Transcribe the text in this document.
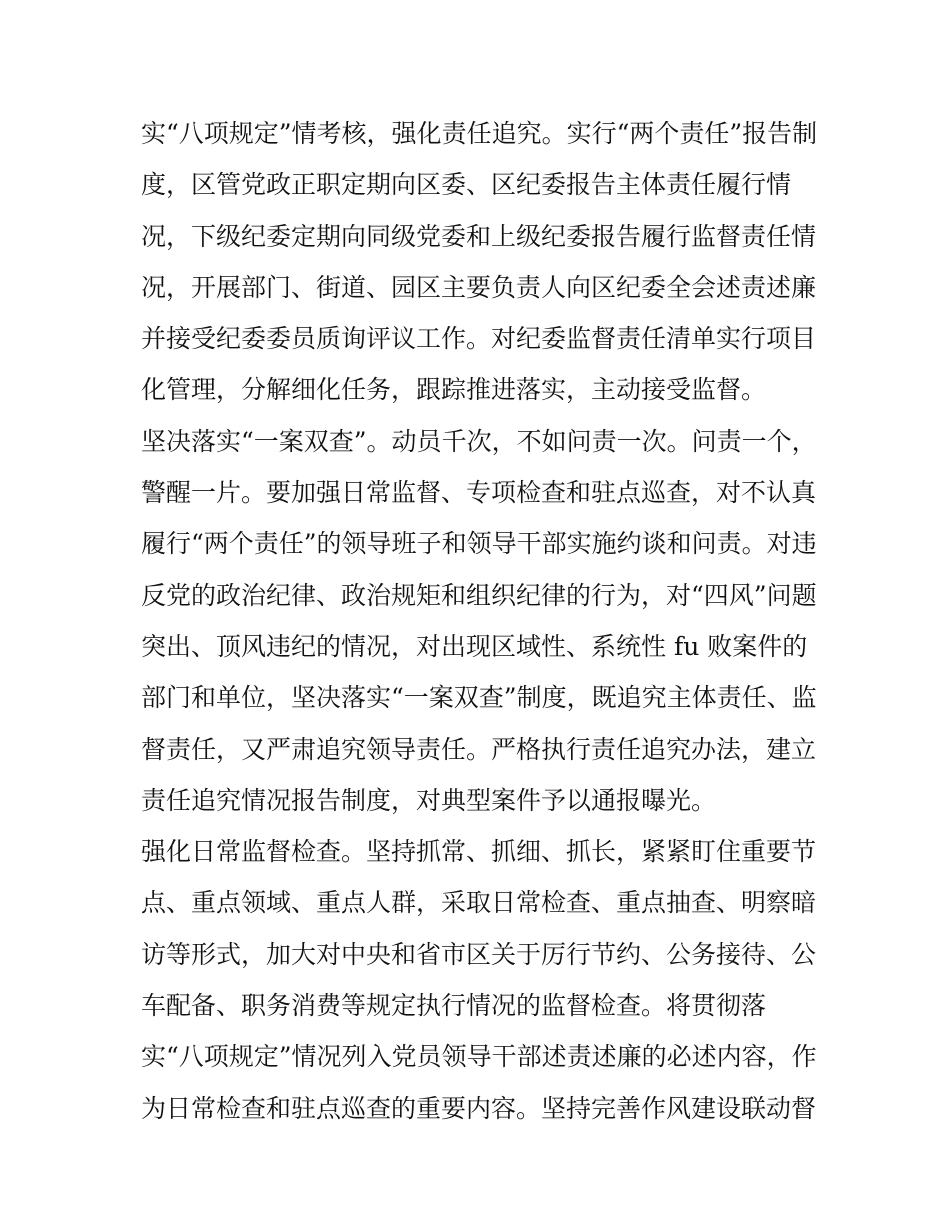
实“八项规定”情考核，强化责任追究。实行“两个责任”报告制
度，区管党政正职定期向区委、区纪委报告主体责任履行情
况，下级纪委定期向同级党委和上级纪委报告履行监督责任情
况，开展部门、街道、园区主要负责人向区纪委全会述责述廉
并接受纪委委员质询评议工作。对纪委监督责任清单实行项目
化管理，分解细化任务，跟踪推进落实，主动接受监督。
坚决落实“一案双查”。动员千次，不如问责一次。问责一个，
警醒一片。要加强日常监督、专项检查和驻点巡查，对不认真
履行“两个责任”的领导班子和领导干部实施约谈和问责。对违
反党的政治纪律、政治规矩和组织纪律的行为，对“四风”问题
突出、顶风违纪的情况，对出现区域性、系统性 fu 败案件的
部门和单位，坚决落实“一案双查”制度，既追究主体责任、监
督责任，又严肃追究领导责任。严格执行责任追究办法，建立
责任追究情况报告制度，对典型案件予以通报曝光。
强化日常监督检查。坚持抓常、抓细、抓长，紧紧盯住重要节
点、重点领域、重点人群，采取日常检查、重点抽查、明察暗
访等形式，加大对中央和省市区关于厉行节约、公务接待、公
车配备、职务消费等规定执行情况的监督检查。将贯彻落
实“八项规定”情况列入党员领导干部述责述廉的必述内容，作
为日常检查和驻点巡查的重要内容。坚持完善作风建设联动督
